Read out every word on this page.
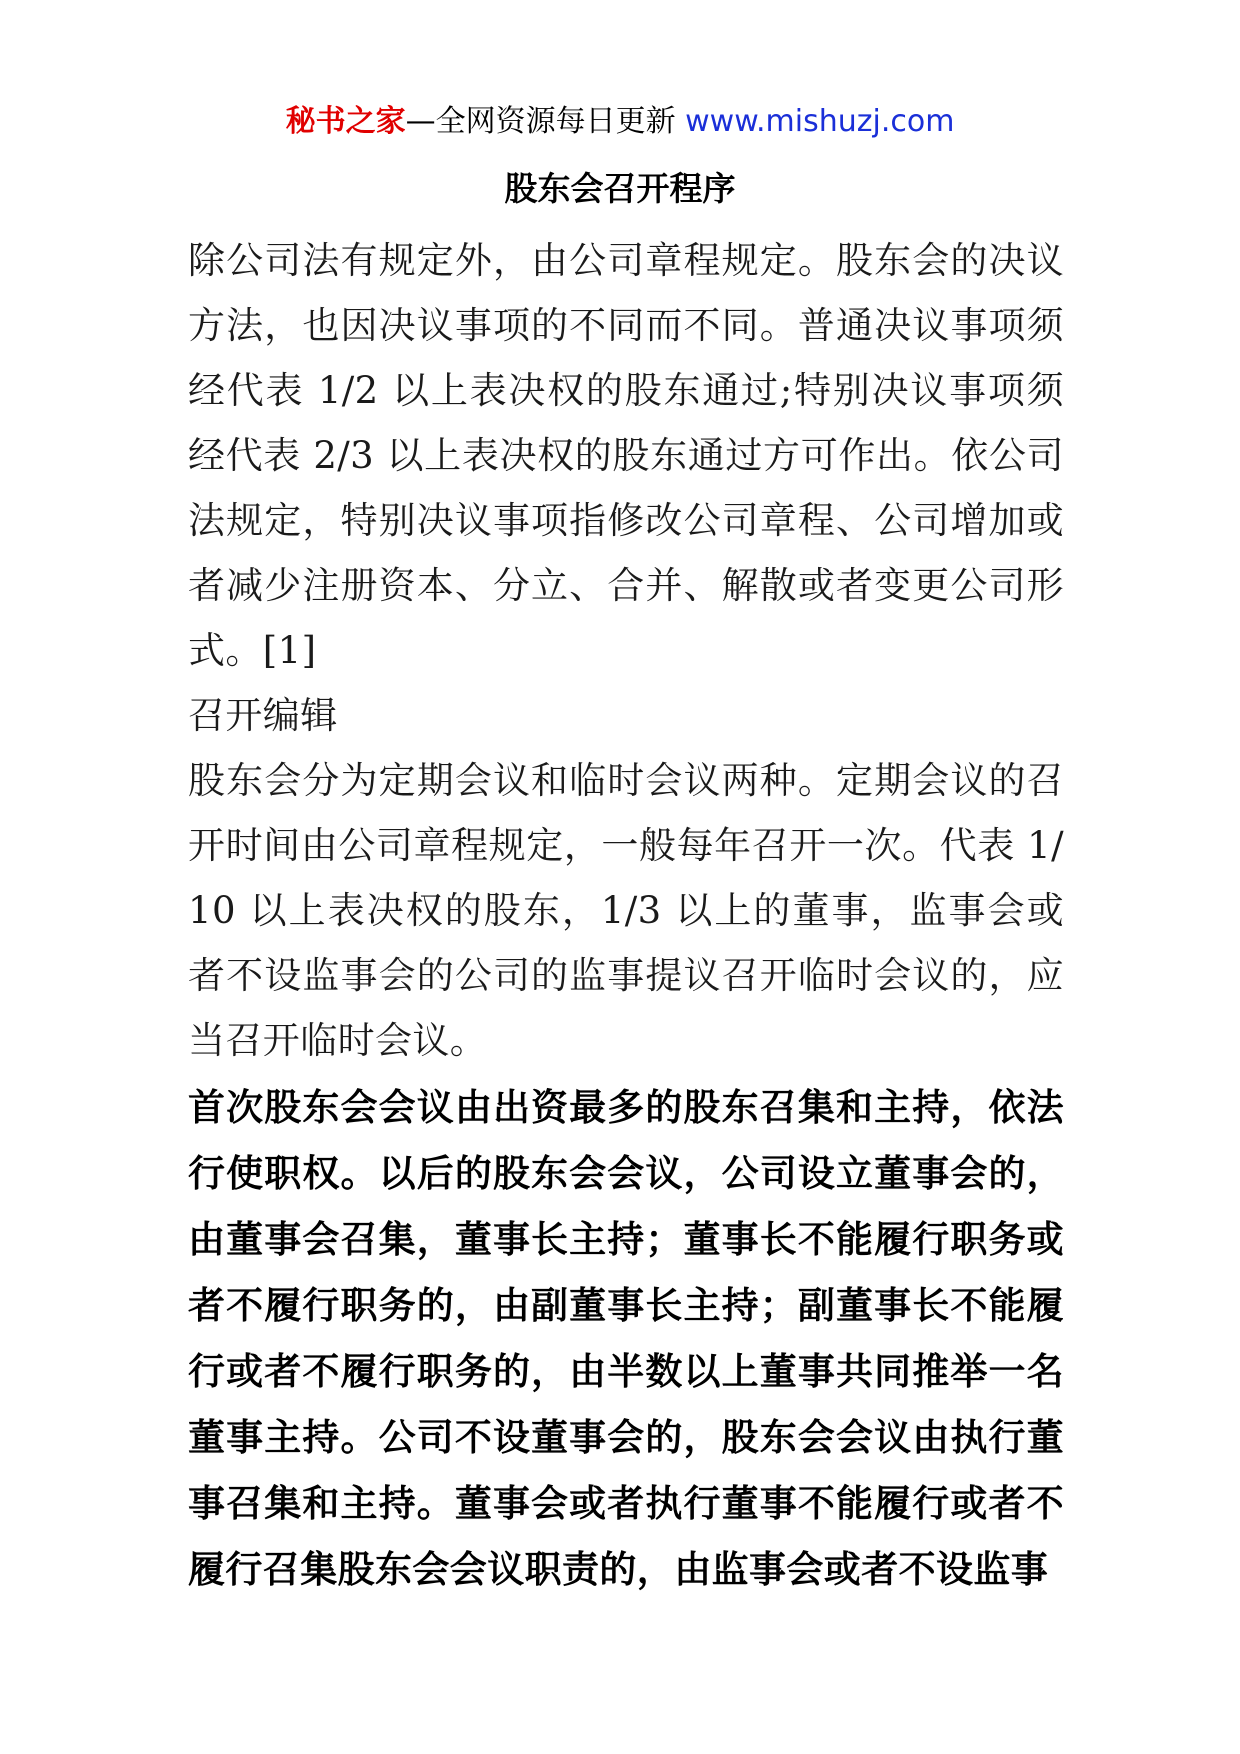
秘书之家—全网资源每日更新 www.mishuzj.com
股东会召开程序

除公司法有规定外，由公司章程规定。股东会的决议方法，也因决议事项的不同而不同。普通决议事项须经代表 1/2 以上表决权的股东通过;特别决议事项须经代表 2/3 以上表决权的股东通过方可作出。依公司法规定，特别决议事项指修改公司章程、公司增加或者减少注册资本、分立、合并、解散或者变更公司形式。[1]

召开编辑

股东会分为定期会议和临时会议两种。定期会议的召开时间由公司章程规定，一般每年召开一次。代表 1/10 以上表决权的股东，1/3 以上的董事，监事会或者不设监事会的公司的监事提议召开临时会议的，应当召开临时会议。

首次股东会会议由出资最多的股东召集和主持，依法行使职权。以后的股东会会议，公司设立董事会的，由董事会召集，董事长主持；董事长不能履行职务或者不履行职务的，由副董事长主持；副董事长不能履行或者不履行职务的，由半数以上董事共同推举一名董事主持。公司不设董事会的，股东会会议由执行董事召集和主持。董事会或者执行董事不能履行或者不履行召集股东会会议职责的，由监事会或者不设监事
